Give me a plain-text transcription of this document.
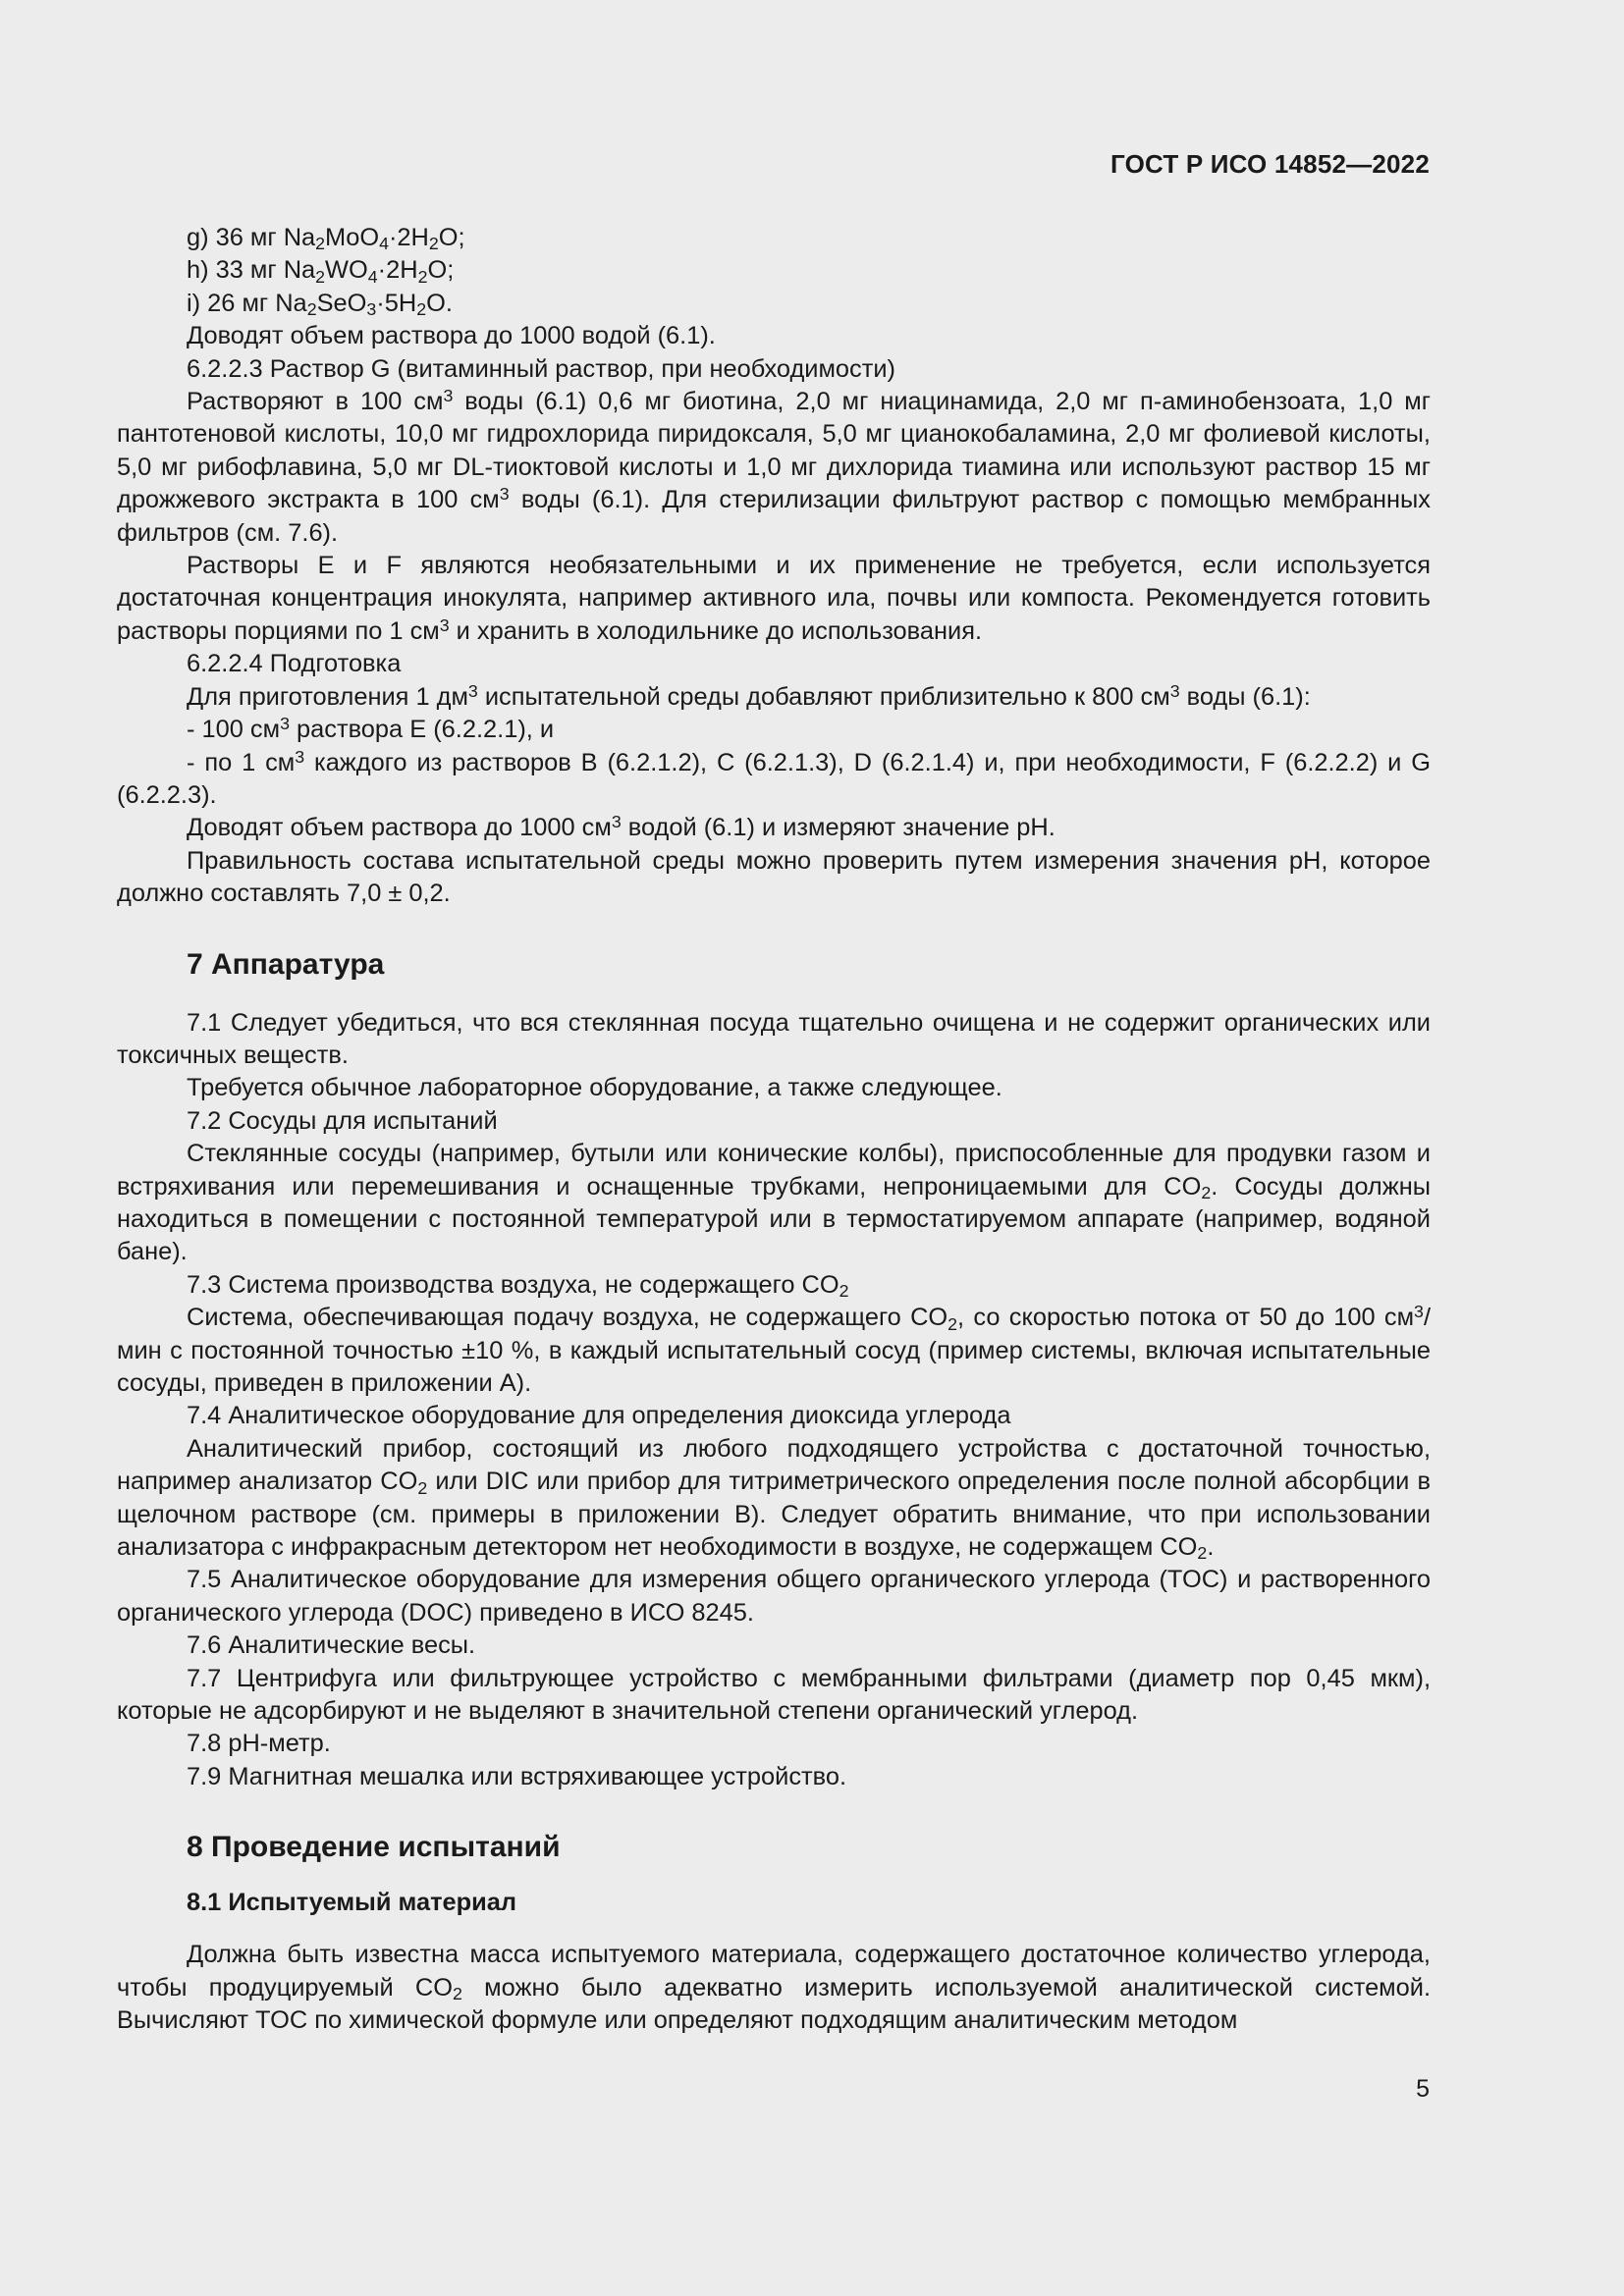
ГОСТ Р ИСО 14852—2022

g) 36 мг $Na_2MoO_4\cdot 2H_2O$;

h) 33 мг $Na_2WO_4\cdot 2H_2O$;

i) 26 мг $Na_2SeO_3\cdot 5H_2O$.

Доводят объем раствора до 1000 водой (6.1).

6.2.2.3 Раствор G (витаминный раствор, при необходимости)

Растворяют в 100 $см^3$ воды (6.1) 0,6 мг биотина, 2,0 мг ниацинамида, 2,0 мг п-аминобензоата, 1,0 мг пантотеновой кислоты, 10,0 мг гидрохлорида пиридоксаля, 5,0 мг цианокобаламина, 2,0 мг фолиевой кислоты, 5,0 мг рибофлавина, 5,0 мг DL-тиоктовой кислоты и 1,0 мг дихлорида тиамина или используют раствор 15 мг дрожжевого экстракта в 100 $см^3$ воды (6.1). Для стерилизации фильтруют раствор с помощью мембранных фильтров (см. 7.6).

Растворы E и F являются необязательными и их применение не требуется, если используется достаточная концентрация инокулята, например активного ила, почвы или компоста. Рекомендуется готовить растворы порциями по 1 $см^3$ и хранить в холодильнике до использования.

6.2.2.4 Подготовка

Для приготовления 1 $дм^3$ испытательной среды добавляют приблизительно к 800 $см^3$ воды (6.1):

- 100 $см^3$ раствора E (6.2.2.1), и

- по 1 $см^3$ каждого из растворов B (6.2.1.2), C (6.2.1.3), D (6.2.1.4) и, при необходимости, F (6.2.2.2) и G (6.2.2.3).

Доводят объем раствора до 1000 $см^3$ водой (6.1) и измеряют значение pH.

Правильность состава испытательной среды можно проверить путем измерения значения pH, которое должно составлять 7,0 ± 0,2.

7 Аппаратура

7.1 Следует убедиться, что вся стеклянная посуда тщательно очищена и не содержит органических или токсичных веществ.

Требуется обычное лабораторное оборудование, а также следующее.

7.2 Сосуды для испытаний

Стеклянные сосуды (например, бутыли или конические колбы), приспособленные для продувки газом и встряхивания или перемешивания и оснащенные трубками, непроницаемыми для $CO_2$. Сосуды должны находиться в помещении с постоянной температурой или в термостатируемом аппарате (например, водяной бане).

7.3 Система производства воздуха, не содержащего $CO_2$

Система, обеспечивающая подачу воздуха, не содержащего $CO_2$, со скоростью потока от 50 до 100 $см^3$/мин с постоянной точностью ±10 %, в каждый испытательный сосуд (пример системы, включая испытательные сосуды, приведен в приложении A).

7.4 Аналитическое оборудование для определения диоксида углерода

Аналитический прибор, состоящий из любого подходящего устройства с достаточной точностью, например анализатор $CO_2$ или DIC или прибор для титриметрического определения после полной абсорбции в щелочном растворе (см. примеры в приложении B). Следует обратить внимание, что при использовании анализатора с инфракрасным детектором нет необходимости в воздухе, не содержащем $CO_2$.

7.5 Аналитическое оборудование для измерения общего органического углерода (TOC) и растворенного органического углерода (DOC) приведено в ИСО 8245.

7.6 Аналитические весы.

7.7 Центрифуга или фильтрующее устройство с мембранными фильтрами (диаметр пор 0,45 мкм), которые не адсорбируют и не выделяют в значительной степени органический углерод.

7.8 pH-метр.

7.9 Магнитная мешалка или встряхивающее устройство.

8 Проведение испытаний
8.1 Испытуемый материал

Должна быть известна масса испытуемого материала, содержащего достаточное количество углерода, чтобы продуцируемый $CO_2$ можно было адекватно измерить используемой аналитической системой. Вычисляют TOC по химической формуле или определяют подходящим аналитическим методом

5
